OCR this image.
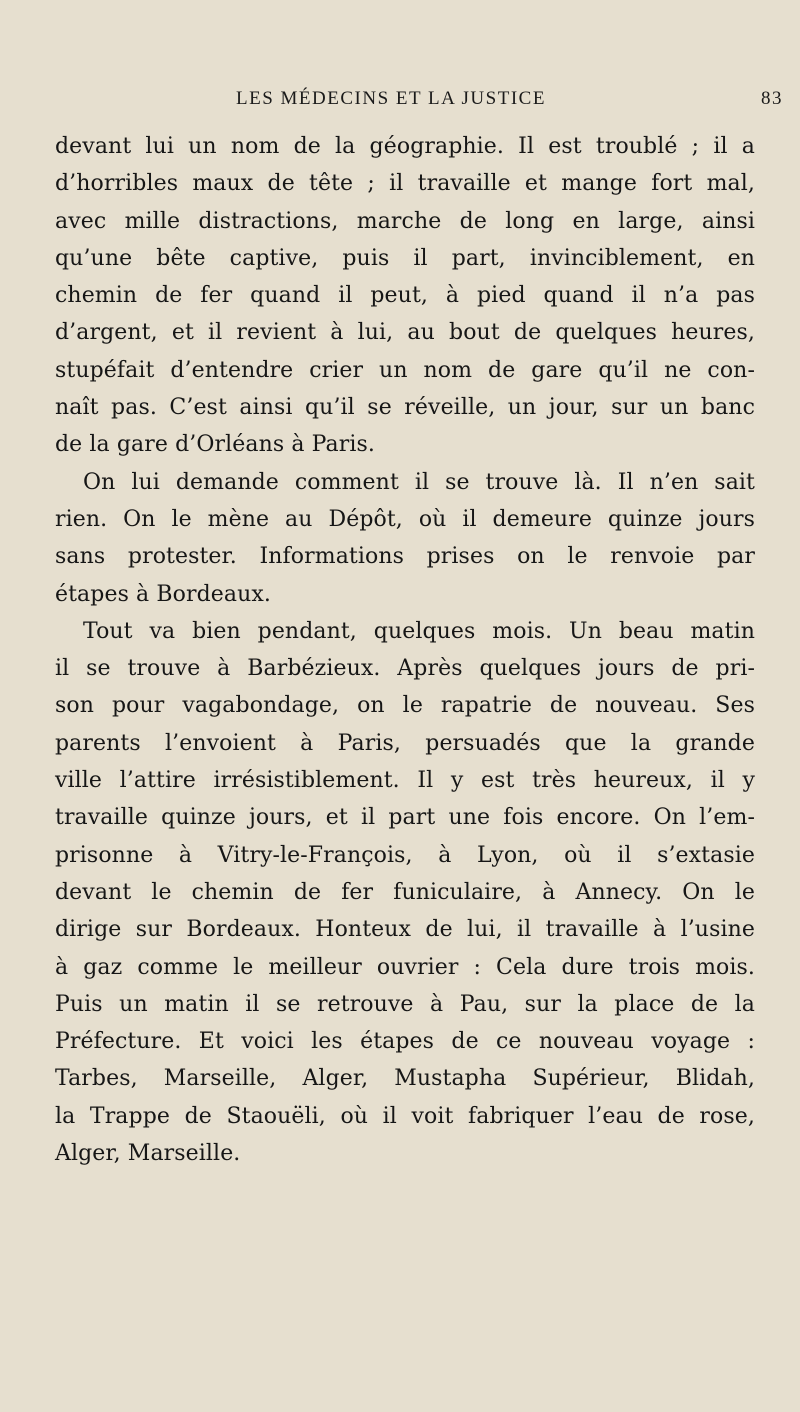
LES MÉDECINS ET LA JUSTICE	83
devant lui un nom de la géographie. Il est troublé ; il a
d’horribles maux de tête ; il travaille et mange fort mal,
avec mille distractions, marche de long en large, ainsi
qu’une bête captive, puis il part, invinciblement, en
chemin de fer quand il peut, à pied quand il n’a pas
d’argent, et il revient à lui, au bout de quelques heures,
stupéfait d’entendre crier un nom de gare qu’il ne con-
naît pas. C’est ainsi qu’il se réveille, un jour, sur un banc
de la gare d’Orléans à Paris.
On lui demande comment il se trouve là. Il n’en sait
rien. On le mène au Dépôt, où il demeure quinze jours
sans protester. Informations prises on le renvoie par
étapes à Bordeaux.
Tout va bien pendant, quelques mois. Un beau matin
il se trouve à Barbézieux. Après quelques jours de pri-
son pour vagabondage, on le rapatrie de nouveau. Ses
parents l’envoient à Paris, persuadés que la grande
ville l’attire irrésistiblement. Il y est très heureux, il y
travaille quinze jours, et il part une fois encore. On l’em-
prisonne à Vitry-le-François, à Lyon, où il s’extasie
devant le chemin de fer funiculaire, à Annecy. On le
dirige sur Bordeaux. Honteux de lui, il travaille à l’usine
à gaz comme le meilleur ouvrier : Cela dure trois mois.
Puis un matin il se retrouve à Pau, sur la place de la
Préfecture. Et voici les étapes de ce nouveau voyage :
Tarbes, Marseille, Alger, Mustapha Supérieur, Blidah,
la Trappe de Staouëli, où il voit fabriquer l’eau de rose,
Alger, Marseille.
